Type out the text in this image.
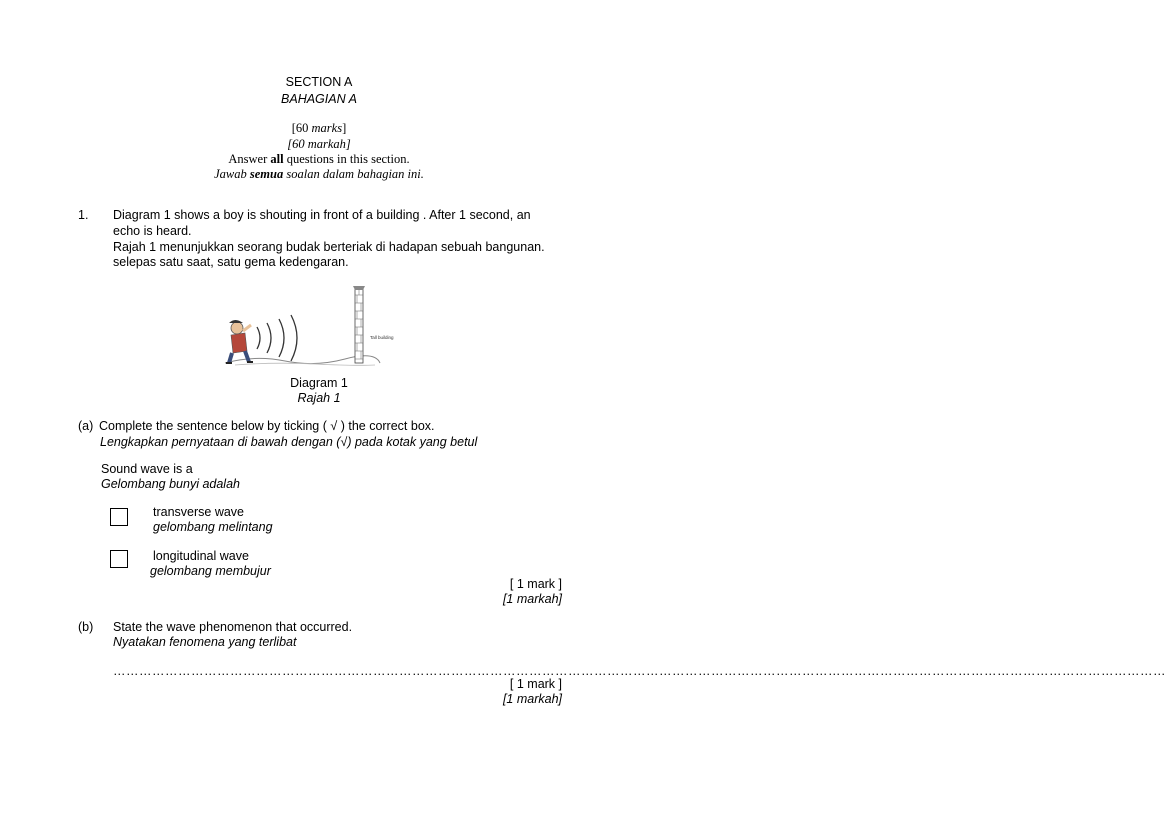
SECTION A
BAHAGIAN A
[60 marks]
[60 markah]
Answer all questions in this section.
Jawab semua soalan dalam bahagian ini.
1. Diagram 1 shows a boy is shouting in front of a building . After 1 second, an
echo is heard.
Rajah 1 menunjukkan seorang budak berteriak di hadapan sebuah bangunan.
selepas satu saat, satu gema kedengaran.
Tall building
Diagram 1
Rajah 1
(a) Complete the sentence below by ticking ( √ ) the correct box.
Lengkapkan pernyataan di bawah dengan (√) pada kotak yang betul
Sound wave is a
Gelombang bunyi adalah
transverse wave
gelombang melintang
longitudinal wave
gelombang membujur
[ 1 mark ]
[1 markah]
(b) State the wave phenomenon that occurred.
Nyatakan fenomena yang terlibat
………………………………………………………………………………………………………………………………………………………………………………………………………………………
[ 1 mark ]
[1 markah]
